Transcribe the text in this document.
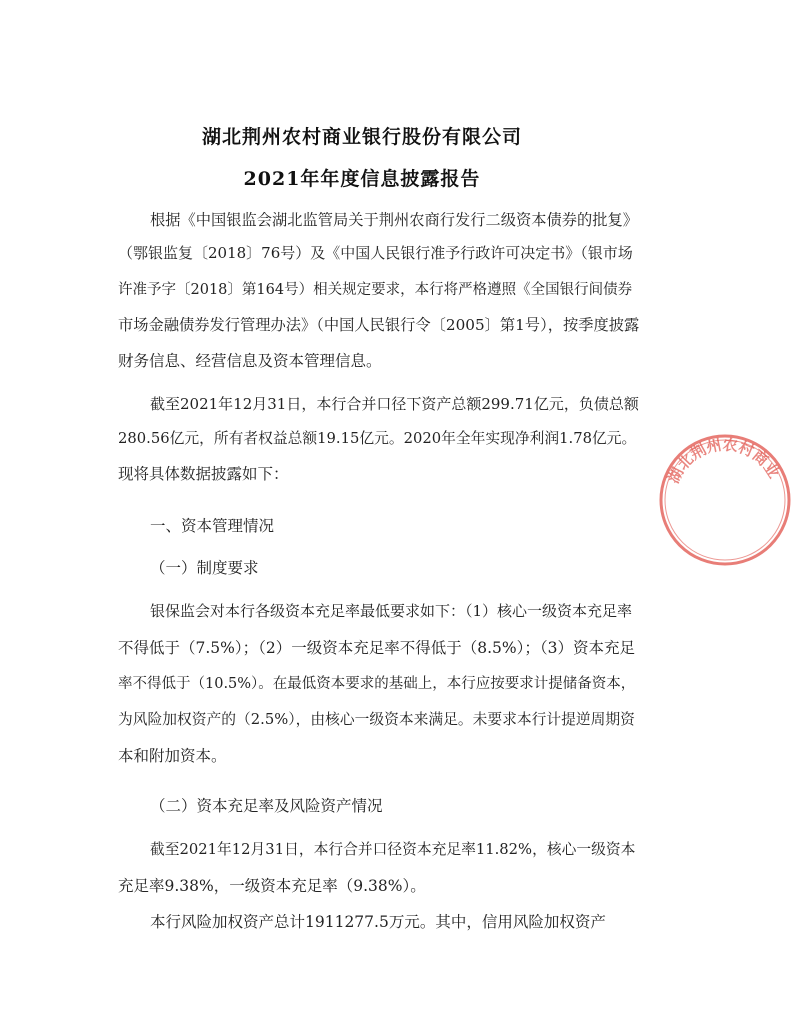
湖北荆州农村商业银行股份有限公司
2021年年度信息披露报告
根据《中国银监会湖北监管局关于荆州农商行发行二级资本债券的批复》
（鄂银监复〔2018〕76号）及《中国人民银行准予行政许可决定书》（银市场
许准予字〔2018〕第164号）相关规定要求，本行将严格遵照《全国银行间债券
市场金融债券发行管理办法》（中国人民银行令〔2005〕第1号），按季度披露
财务信息、经营信息及资本管理信息。
截至2021年12月31日，本行合并口径下资产总额299.71亿元，负债总额
280.56亿元，所有者权益总额19.15亿元。2020年全年实现净利润1.78亿元。
现将具体数据披露如下：
一、资本管理情况
（一）制度要求
银保监会对本行各级资本充足率最低要求如下：（1）核心一级资本充足率
不得低于（7.5%）；（2）一级资本充足率不得低于（8.5%）；（3）资本充足
率不得低于（10.5%）。在最低资本要求的基础上，本行应按要求计提储备资本，
为风险加权资产的（2.5%），由核心一级资本来满足。未要求本行计提逆周期资
本和附加资本。
（二）资本充足率及风险资产情况
截至2021年12月31日，本行合并口径资本充足率11.82%，核心一级资本
充足率9.38%，一级资本充足率（9.38%）。
本行风险加权资产总计1911277.5万元。其中，信用风险加权资产
湖北荆州农村商业
